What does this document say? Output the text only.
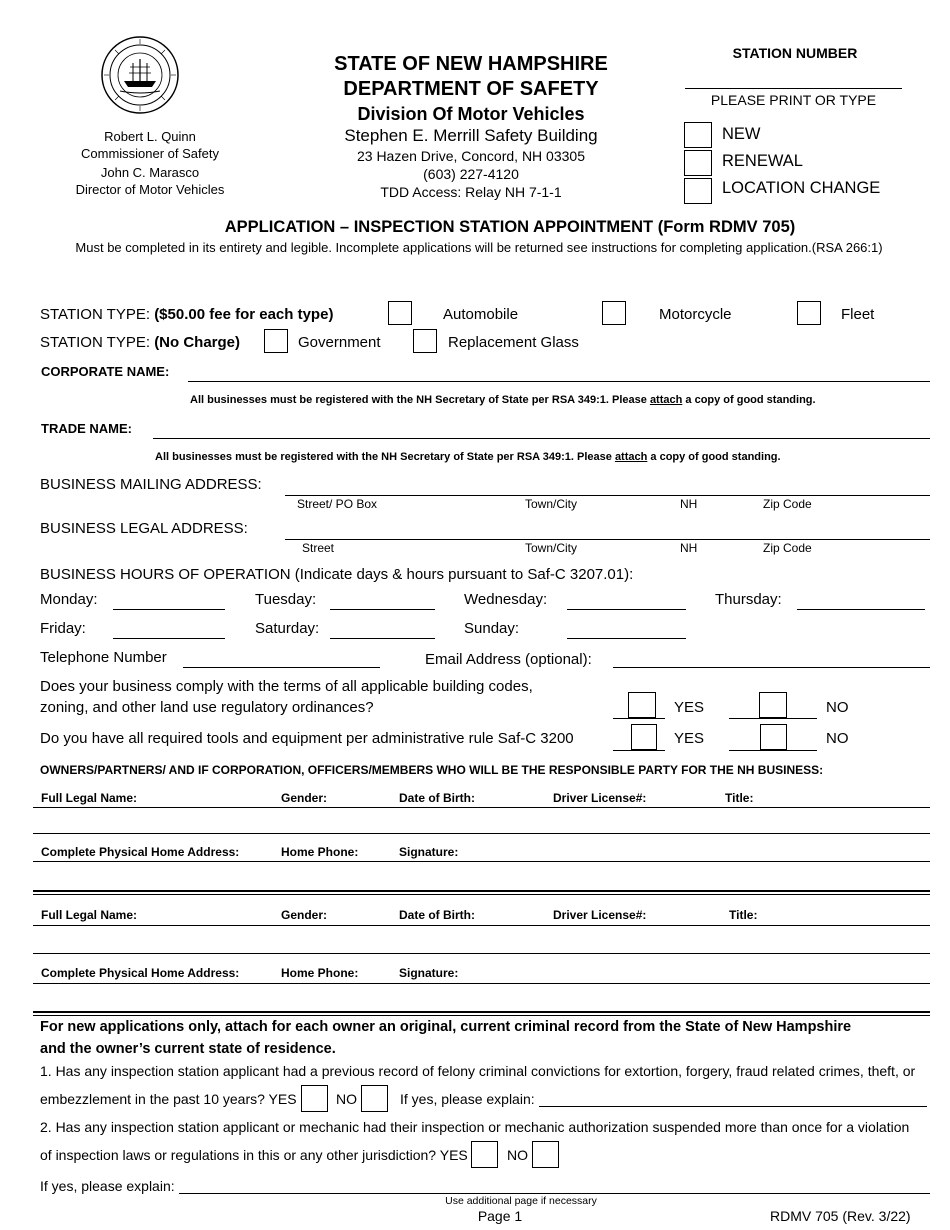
Robert L. Quinn
Commissioner of Safety
John C. Marasco
Director of Motor Vehicles
STATE OF NEW HAMPSHIRE
DEPARTMENT OF SAFETY
Division Of Motor Vehicles
Stephen E. Merrill Safety Building
23 Hazen Drive, Concord, NH 03305
(603) 227-4120
TDD Access: Relay NH 7-1-1
STATION NUMBER
PLEASE PRINT OR TYPE
NEW
RENEWAL
LOCATION CHANGE
APPLICATION – INSPECTION STATION APPOINTMENT (Form RDMV 705)
Must be completed in its entirety and legible. Incomplete applications will be returned see instructions for completing application.(RSA 266:1)
STATION TYPE: ($50.00 fee for each type)	Automobile	Motorcycle	Fleet
STATION TYPE: (No Charge)	Government	Replacement Glass
CORPORATE NAME:
All businesses must be registered with the NH Secretary of State per RSA 349:1. Please attach a copy of good standing.
TRADE NAME:
All businesses must be registered with the NH Secretary of State per RSA 349:1. Please attach a copy of good standing.
BUSINESS MAILING ADDRESS:
Street/ PO Box	Town/City	NH	Zip Code
BUSINESS LEGAL ADDRESS:
Street	Town/City	NH	Zip Code
BUSINESS HOURS OF OPERATION (Indicate days & hours pursuant to Saf-C 3207.01):
Monday:	Tuesday:	Wednesday:	Thursday:
Friday:	Saturday:	Sunday:
Telephone Number	Email Address (optional):
Does your business comply with the terms of all applicable building codes,
zoning, and other land use regulatory ordinances?	YES	NO
Do you have all required tools and equipment per administrative rule Saf-C 3200	YES	NO
OWNERS/PARTNERS/ AND IF CORPORATION, OFFICERS/MEMBERS WHO WILL BE THE RESPONSIBLE PARTY FOR THE NH BUSINESS:
Full Legal Name:	Gender:	Date of Birth:	Driver License#:	Title:
Complete Physical Home Address:	Home Phone:	Signature:
Full Legal Name:	Gender:	Date of Birth:	Driver License#:	Title:
Complete Physical Home Address:	Home Phone:	Signature:
For new applications only, attach for each owner an original, current criminal record from the State of New Hampshire
and the owner’s current state of residence.
1. Has any inspection station applicant had a previous record of felony criminal convictions for extortion, forgery, fraud related crimes, theft, or
embezzlement in the past 10 years? YES	NO	If yes, please explain:
2. Has any inspection station applicant or mechanic had their inspection or mechanic authorization suspended more than once for a violation
of inspection laws or regulations in this or any other jurisdiction? YES	NO
If yes, please explain:
Use additional page if necessary
Page 1	RDMV 705 (Rev. 3/22)
